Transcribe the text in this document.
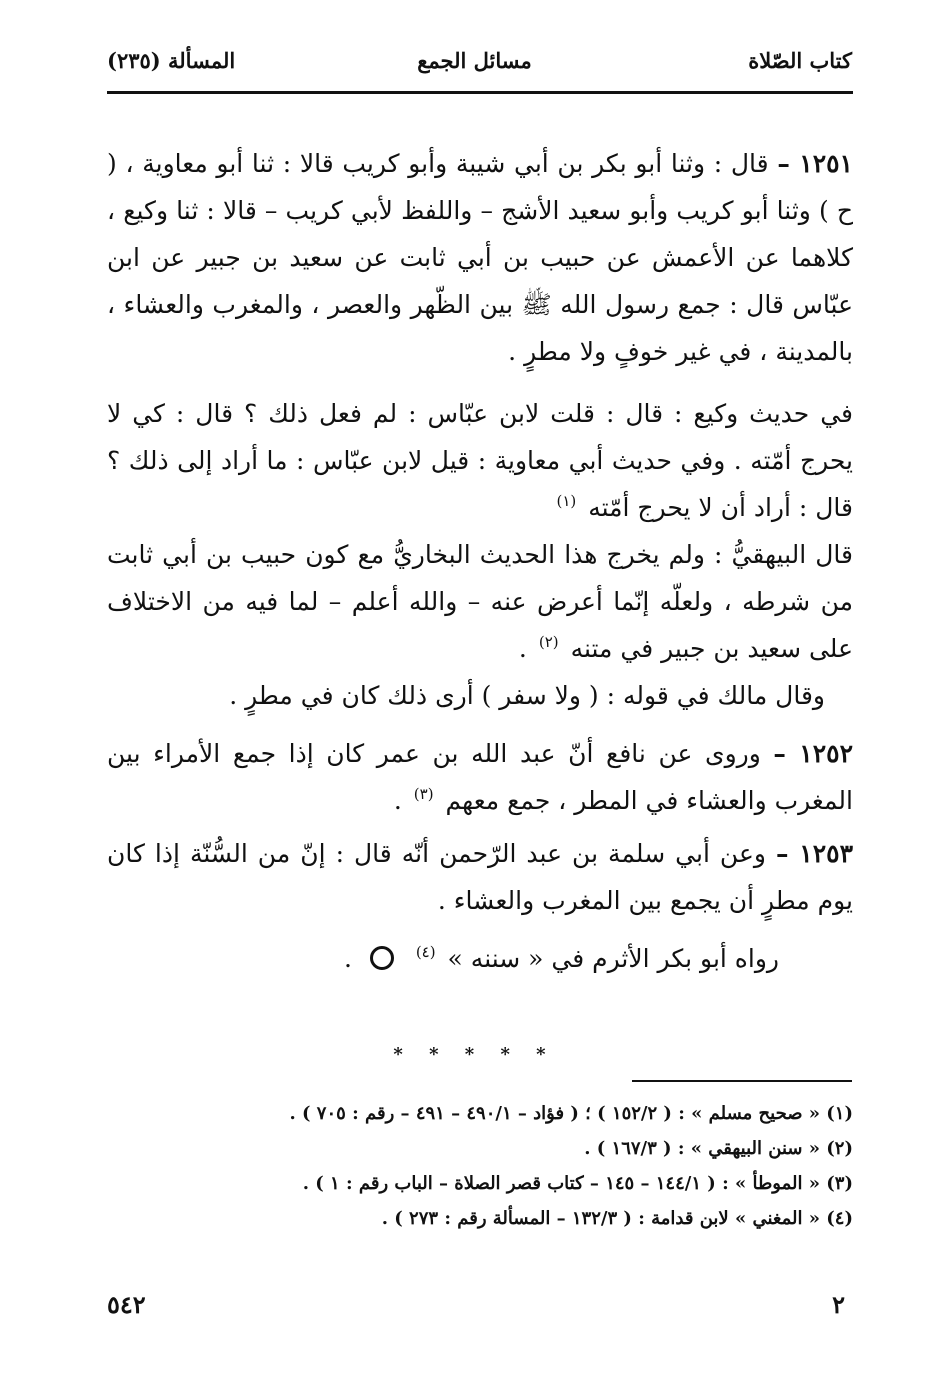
كتاب الصّلاة
مسائل الجمع
المسألة (٢٣٥)
١٢٥١ – قال : وثنا أبو بكر بن أبي شيبة وأبو كريب قالا : ثنا أبو معاوية ، ( ح ) وثنا أبو كريب وأبو سعيد الأشج – واللفظ لأبي كريب – قالا : ثنا وكيع ، كلاهما عن الأعمش عن حبيب بن أبي ثابت عن سعيد بن جبير عن ابن عبّاس قال : جمع رسول الله ﷺ بين الظّهر والعصر ، والمغرب والعشاء ، بالمدينة ، في غير خوفٍ ولا مطرٍ .
في حديث وكيع : قال : قلت لابن عبّاس : لم فعل ذلك ؟ قال : كي لا يحرج أمّته . وفي حديث أبي معاوية : قيل لابن عبّاس : ما أراد إلى ذلك ؟ قال : أراد أن لا يحرج أمّته $^{(١)}$
قال البيهقيُّ : ولم يخرج هذا الحديث البخاريُّ مع كون حبيب بن أبي ثابت من شرطه ، ولعلّه إنّما أعرض عنه – والله أعلم – لما فيه من الاختلاف على سعيد بن جبير في متنه $^{(٢)}$ .
وقال مالك في قوله : ( ولا سفر ) أرى ذلك كان في مطرٍ .
١٢٥٢ – وروى عن نافع أنّ عبد الله بن عمر كان إذا جمع الأمراء بين المغرب والعشاء في المطر ، جمع معهم $^{(٣)}$ .
١٢٥٣ – وعن أبي سلمة بن عبد الرّحمن أنّه قال : إنّ من السُّنّة إذا كان يوم مطرٍ أن يجمع بين المغرب والعشاء .
رواه أبو بكر الأثرم في « سننه » $^{(٤)}$  .
* * * * *
(١) « صحيح مسلم » : ( ١٥٢/٢ ) ؛ ( فؤاد – ٤٩٠/١ – ٤٩١ – رقم : ٧٠٥ ) .
(٢) « سنن البيهقي » : ( ١٦٧/٣ ) .
(٣) « الموطأ » : ( ١٤٤/١ – ١٤٥ – كتاب قصر الصلاة – الباب رقم : ١ ) .
(٤) « المغني » لابن قدامة : ( ١٣٢/٣ – المسألة رقم : ٢٧٣ ) .
٢
٥٤٢
